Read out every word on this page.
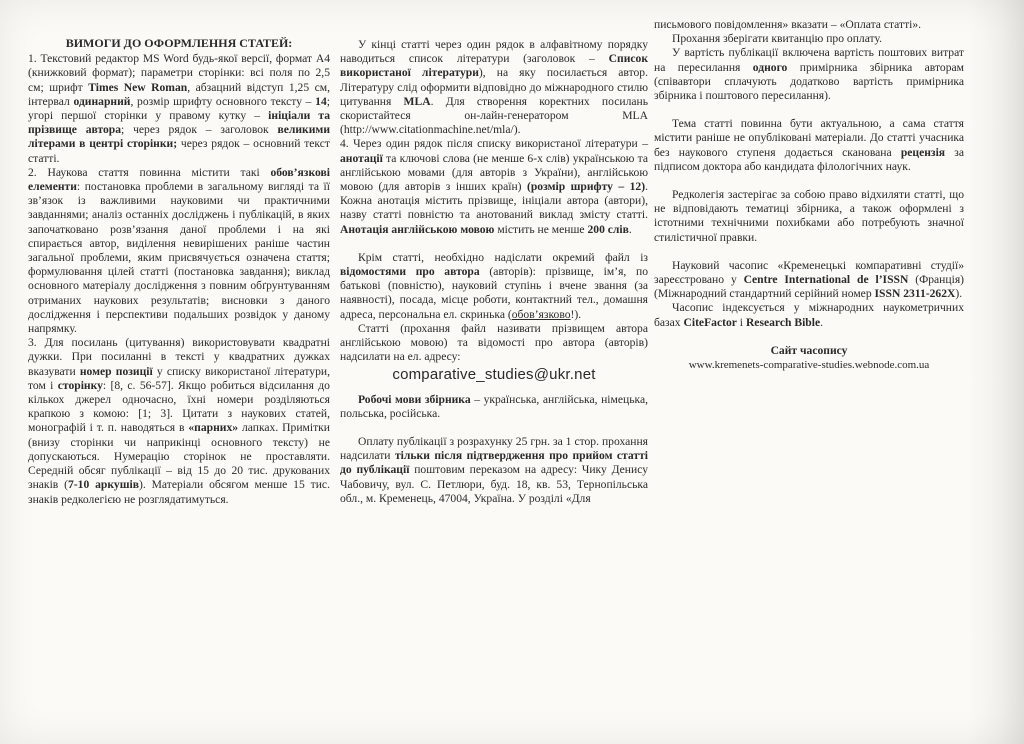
ВИМОГИ ДО ОФОРМЛЕННЯ СТАТЕЙ:

1. Текстовий редактор MS Word будь-якої версії, формат А4 (книжковий формат); параметри сторінки: всі поля по 2,5 см; шрифт Times New Roman, абзацний відступ 1,25 см, інтервал одинарний, розмір шрифту основного тексту – 14; угорі першої сторінки у правому кутку – ініціали та прізвище автора; через рядок – заголовок великими літерами в центрі сторінки; через рядок – основний текст статті.

2. Наукова стаття повинна містити такі обов’язкові елементи: постановка проблеми в загальному вигляді та її зв’язок із важливими науковими чи практичними завданнями; аналіз останніх досліджень і публікацій, в яких започатковано розв’язання даної проблеми і на які спирається автор, виділення невирішених раніше частин загальної проблеми, яким присвячується означена стаття; формулювання цілей статті (постановка завдання); виклад основного матеріалу дослідження з повним обґрунтуванням отриманих наукових результатів; висновки з даного дослідження і перспективи подальших розвідок у даному напрямку.

3. Для посилань (цитування) використовувати квадратні дужки. При посиланні в тексті у квадратних дужках вказувати номер позиції у списку використаної літератури, том і сторінку: [8, с. 56-57]. Якщо робиться відсилання до кількох джерел одночасно, їхні номери розділяються крапкою з комою: [1; 3]. Цитати з наукових статей, монографій і т. п. наводяться в «парних» лапках. Примітки (внизу сторінки чи наприкінці основного тексту) не допускаються. Нумерацію сторінок не проставляти. Середній обсяг публікації – від 15 до 20 тис. друкованих знаків (7-10 аркушів). Матеріали обсягом менше 15 тис. знаків редколегією не розглядатимуться.

У кінці статті через один рядок в алфавітному порядку наводиться список літератури (заголовок – Список використаної літератури), на яку посилається автор. Літературу слід оформити відповідно до міжнародного стилю цитування MLA. Для створення коректних посилань скористайтеся он-лайн-генератором MLA (http://www.citationmachine.net/mla/).

4. Через один рядок після списку використаної літератури – анотації та ключові слова (не менше 6-х слів) українською та англійською мовами (для авторів з України), англійською мовою (для авторів з інших країн) (розмір шрифту – 12). Кожна анотація містить прізвище, ініціали автора (автори), назву статті повністю та анотований виклад змісту статті. Анотація англійською мовою містить не менше 200 слів.

Крім статті, необхідно надіслати окремий файл із відомостями про автора (авторів): прізвище, ім’я, по батькові (повністю), науковий ступінь і вчене звання (за наявності), посада, місце роботи, контактний тел., домашня адреса, персональна ел. скринька (обов’язково!).

Статті (прохання файл називати прізвищем автора англійською мовою) та відомості про автора (авторів) надсилати на ел. адресу:

comparative_studies@ukr.net

Робочі мови збірника – українська, англійська, німецька, польська, російська.

Оплату публікації з розрахунку 25 грн. за 1 стор. прохання надсилати тільки після підтвердження про прийом статті до публікації поштовим переказом на адресу: Чику Денису Чабовичу, вул. С. Петлюри, буд. 18, кв. 53, Тернопільська обл., м. Кременець, 47004, Україна. У розділі «Для

письмового повідомлення» вказати – «Оплата статті».

Прохання зберігати квитанцію про оплату.

У вартість публікації включена вартість поштових витрат на пересилання одного примірника збірника авторам (співавтори сплачують додатково вартість примірника збірника і поштового пересилання).

Тема статті повинна бути актуальною, а сама стаття містити раніше не опубліковані матеріали. До статті учасника без наукового ступеня додається сканована рецензія за підписом доктора або кандидата філологічних наук.

Редколегія застерігає за собою право відхиляти статті, що не відповідають тематиці збірника, а також оформлені з істотними технічними похибками або потребують значної стилістичної правки.

Науковий часопис «Кременецькі компаративні студії» зареєстровано у Centre International de l’ISSN (Франція) (Міжнародний стандартний серійний номер ISSN 2311-262X).

Часопис індексується у міжнародних наукометричних базах CiteFactor і Research Bible.

Сайт часопису
www.kremenets-comparative-studies.webnode.com.ua
